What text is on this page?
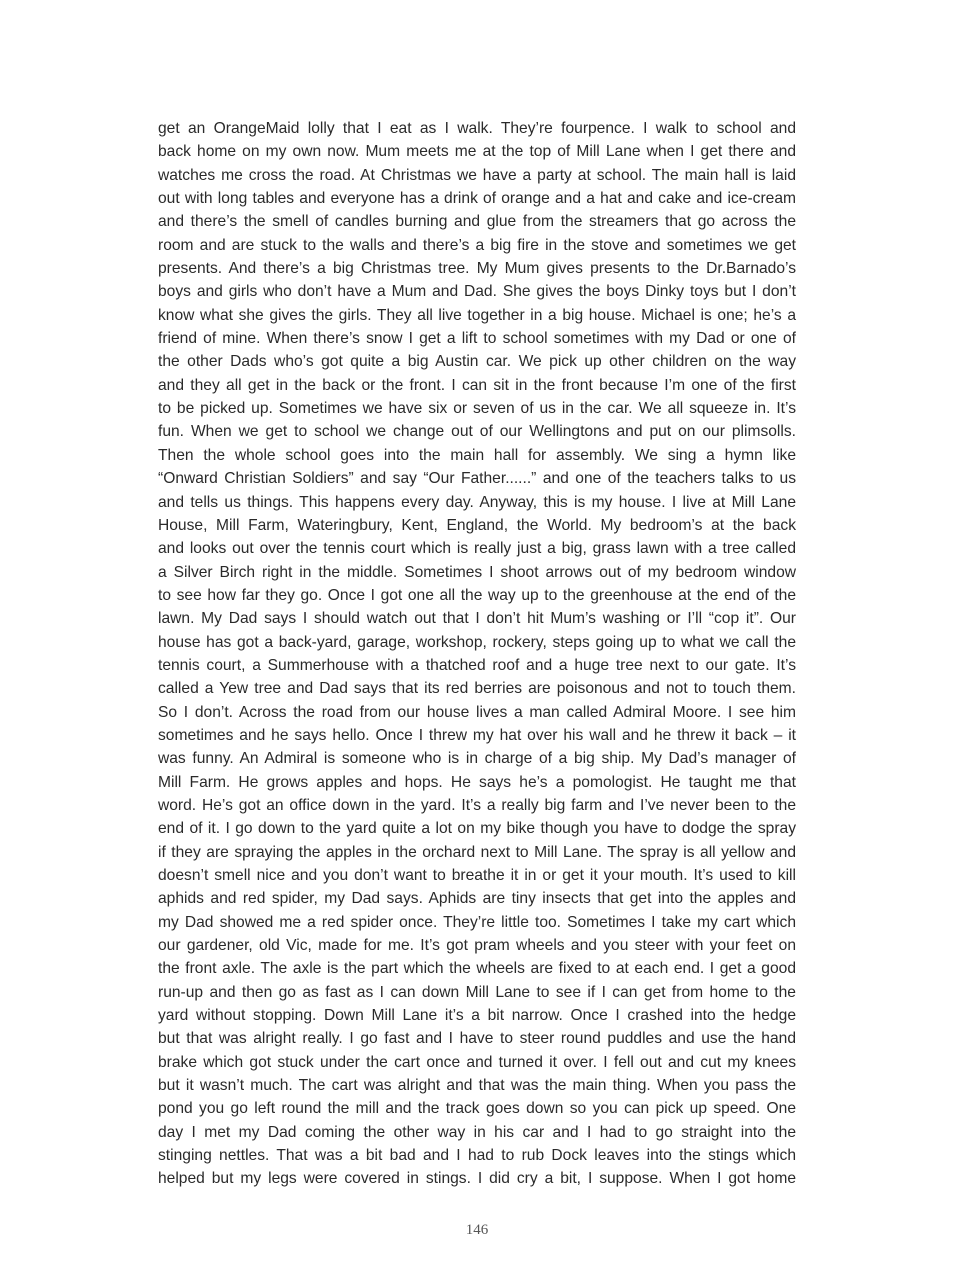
get an OrangeMaid lolly that I eat as I walk. They’re fourpence. I walk to school and
back home on my own now. Mum meets me at the top of Mill Lane when I get there and
watches me cross the road. At Christmas we have a party at school. The main hall is laid
out with long tables and everyone has a drink of orange and a hat and cake and ice-cream
and there’s the smell of candles burning and glue from the streamers that go across the
room and are stuck to the walls and there’s a big fire in the stove and sometimes we get
presents. And there’s a big Christmas tree. My Mum gives presents to the Dr.Barnado’s
boys and girls who don’t have a Mum and Dad. She gives the boys Dinky toys but I don’t
know what she gives the girls. They all live together in a big house. Michael is one; he’s a
friend of mine. When there’s snow I get a lift to school sometimes with my Dad or one of
the other Dads who’s got quite a big Austin car. We pick up other children on the way
and they all get in the back or the front. I can sit in the front because I’m one of the first
to be picked up. Sometimes we have six or seven of us in the car. We all squeeze in. It’s
fun. When we get to school we change out of our Wellingtons and put on our plimsolls.
Then the whole school goes into the main hall for assembly. We sing a hymn like
“Onward Christian Soldiers” and say “Our Father......” and one of the teachers talks to us
and tells us things. This happens every day. Anyway, this is my house. I live at Mill Lane
House, Mill Farm, Wateringbury, Kent, England, the World. My bedroom’s at the back
and looks out over the tennis court which is really just a big, grass lawn with a tree called
a Silver Birch right in the middle. Sometimes I shoot arrows out of my bedroom window
to see how far they go. Once I got one all the way up to the greenhouse at the end of the
lawn. My Dad says I should watch out that I don’t hit Mum’s washing or I’ll “cop it”. Our
house has got a back-yard, garage, workshop, rockery, steps going up to what we call the
tennis court, a Summerhouse with a thatched roof and a huge tree next to our gate. It’s
called a Yew tree and Dad says that its red berries are poisonous and not to touch them.
So I don’t. Across the road from our house lives a man called Admiral Moore. I see him
sometimes and he says hello. Once I threw my hat over his wall and he threw it back – it
was funny. An Admiral is someone who is in charge of a big ship. My Dad’s manager of
Mill Farm. He grows apples and hops. He says he’s a pomologist. He taught me that
word. He’s got an office down in the yard. It’s a really big farm and I’ve never been to the
end of it. I go down to the yard quite a lot on my bike though you have to dodge the spray
if they are spraying the apples in the orchard next to Mill Lane. The spray is all yellow and
doesn’t smell nice and you don’t want to breathe it in or get it your mouth. It’s used to kill
aphids and red spider, my Dad says. Aphids are tiny insects that get into the apples and
my Dad showed me a red spider once. They’re little too. Sometimes I take my cart which
our gardener, old Vic, made for me. It’s got pram wheels and you steer with your feet on
the front axle. The axle is the part which the wheels are fixed to at each end. I get a good
run-up and then go as fast as I can down Mill Lane to see if I can get from home to the
yard without stopping. Down Mill Lane it’s a bit narrow. Once I crashed into the hedge
but that was alright really. I go fast and I have to steer round puddles and use the hand
brake which got stuck under the cart once and turned it over. I fell out and cut my knees
but it wasn’t much. The cart was alright and that was the main thing. When you pass the
pond you go left round the mill and the track goes down so you can pick up speed. One
day I met my Dad coming the other way in his car and I had to go straight into the
stinging nettles. That was a bit bad and I had to rub Dock leaves into the stings which
helped but my legs were covered in stings. I did cry a bit, I suppose. When I got home
146
